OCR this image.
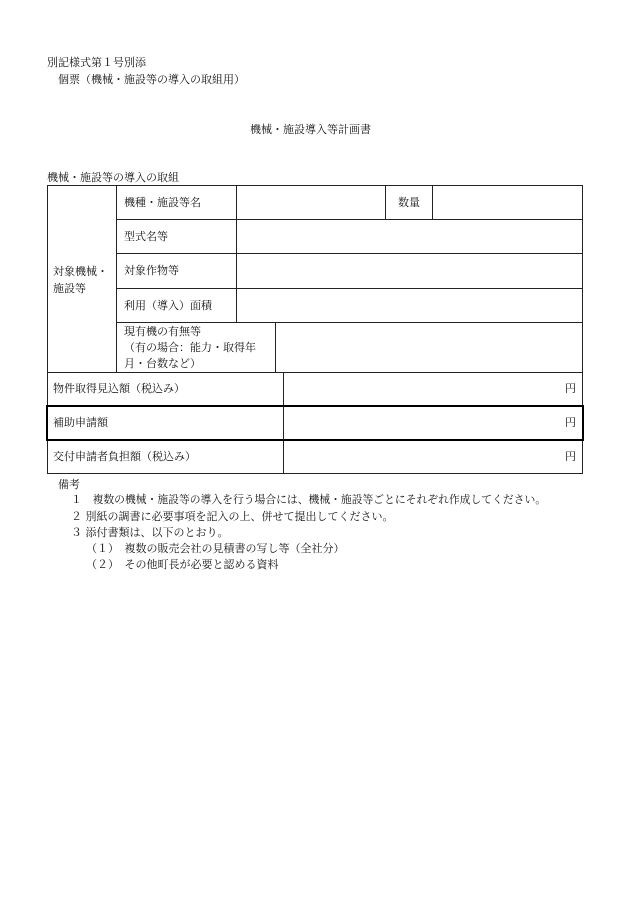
別記様式第１号別添
個票（機械・施設等の導入の取組用）
機械・施設導入等計画書
機械・施設等の導入の取組
対象機械・
施設等
機種・施設等名	数量
型式名等
対象作物等
利用（導入）面積
現有機の有無等
（有の場合：能力・取得年
月・台数など）
物件取得見込額（税込み）	円
補助申請額	円
交付申請者負担額（税込み）	円
備考
１　複数の機械・施設等の導入を行う場合には、機械・施設等ごとにそれぞれ作成してください。
２ 別紙の調書に必要事項を記入の上、併せて提出してください。
３ 添付書類は、以下のとおり。
（１）　複数の販売会社の見積書の写し等（全社分）
（２）　その他町長が必要と認める資料
